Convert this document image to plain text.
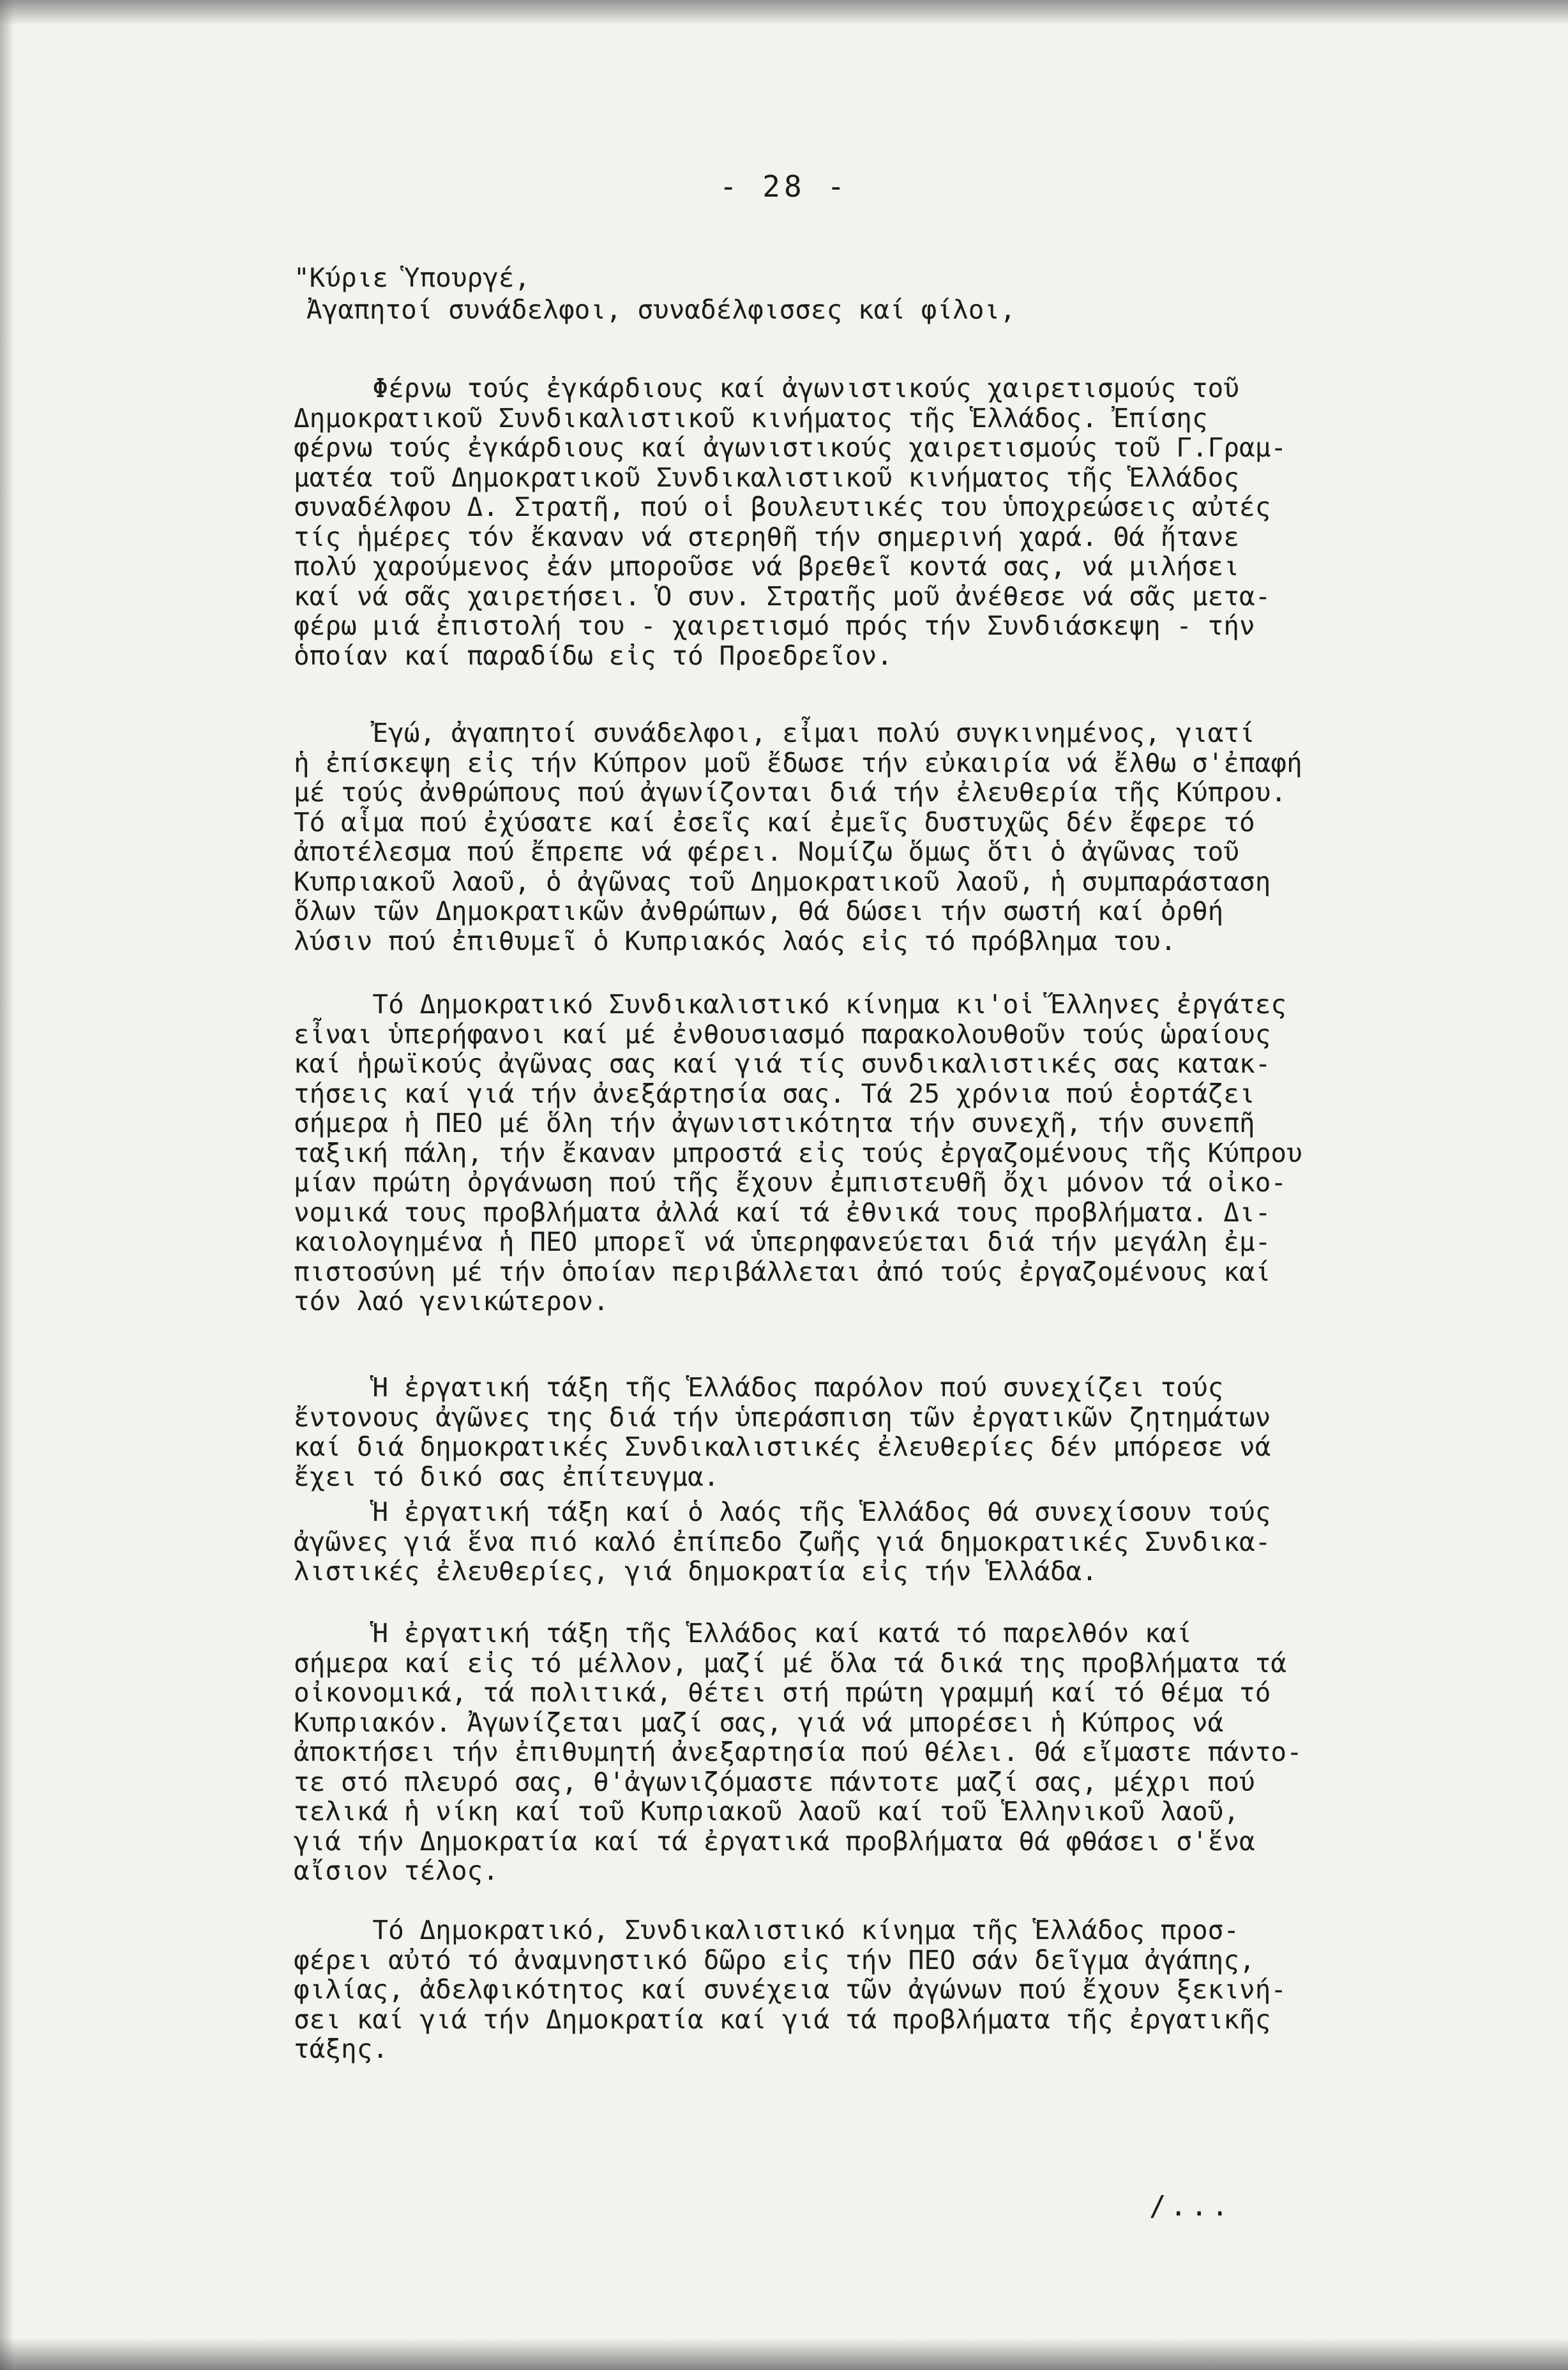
- 28 -
"Κύριε Ὑπουργέ,
Ἀγαπητοί συνάδελφοι, συναδέλφισσες καί φίλοι,
Φέρνω τούς ἐγκάρδιους καί ἀγωνιστικούς χαιρετισμούς τοῦ
Δημοκρατικοῦ Συνδικαλιστικοῦ κινήματος τῆς Ἑλλάδος. Ἐπίσης
φέρνω τούς ἐγκάρδιους καί ἀγωνιστικούς χαιρετισμούς τοῦ Γ.Γραμ-
ματέα τοῦ Δημοκρατικοῦ Συνδικαλιστικοῦ κινήματος τῆς Ἑλλάδος
συναδέλφου Δ. Στρατῆ, πού οἱ βουλευτικές του ὑποχρεώσεις αὐτές
τίς ἡμέρες τόν ἔκαναν νά στερηθῆ τήν σημερινή χαρά. Θά ἤτανε
πολύ χαρούμενος ἐάν μποροῦσε νά βρεθεῖ κοντά σας, νά μιλήσει
καί νά σᾶς χαιρετήσει. Ὁ συν. Στρατῆς μοῦ ἀνέθεσε νά σᾶς μετα-
φέρω μιά ἐπιστολή του - χαιρετισμό πρός τήν Συνδιάσκεψη - τήν
ὁποίαν καί παραδίδω εἰς τό Προεδρεῖον.
Ἐγώ, ἀγαπητοί συνάδελφοι, εἶμαι πολύ συγκινημένος, γιατί
ἡ ἐπίσκεψη εἰς τήν Κύπρον μοῦ ἔδωσε τήν εὐκαιρία νά ἔλθω σ'ἐπαφή
μέ τούς ἀνθρώπους πού ἀγωνίζονται διά τήν ἐλευθερία τῆς Κύπρου.
Τό αἷμα πού ἐχύσατε καί ἐσεῖς καί ἐμεῖς δυστυχῶς δέν ἔφερε τό
ἀποτέλεσμα πού ἔπρεπε νά φέρει. Νομίζω ὅμως ὅτι ὁ ἀγῶνας τοῦ
Κυπριακοῦ λαοῦ, ὁ ἀγῶνας τοῦ Δημοκρατικοῦ λαοῦ, ἡ συμπαράσταση
ὅλων τῶν Δημοκρατικῶν ἀνθρώπων, θά δώσει τήν σωστή καί ὀρθή
λύσιν πού ἐπιθυμεῖ ὁ Κυπριακός λαός εἰς τό πρόβλημα του.
Τό Δημοκρατικό Συνδικαλιστικό κίνημα κι'οἱ Ἕλληνες ἐργάτες
εἶναι ὑπερήφανοι καί μέ ἐνθουσιασμό παρακολουθοῦν τούς ὡραίους
καί ἡρωϊκούς ἀγῶνας σας καί γιά τίς συνδικαλιστικές σας κατακ-
τήσεις καί γιά τήν ἀνεξάρτησία σας. Τά 25 χρόνια πού ἑορτάζει
σήμερα ἡ ΠΕΟ μέ ὅλη τήν ἀγωνιστικότητα τήν συνεχῆ, τήν συνεπῆ
ταξική πάλη, τήν ἔκαναν μπροστά εἰς τούς ἐργαζομένους τῆς Κύπρου
μίαν πρώτη ὀργάνωση πού τῆς ἔχουν ἐμπιστευθῆ ὄχι μόνον τά οἰκο-
νομικά τους προβλήματα ἀλλά καί τά ἐθνικά τους προβλήματα. Δι-
καιολογημένα ἡ ΠΕΟ μπορεῖ νά ὑπερηφανεύεται διά τήν μεγάλη ἐμ-
πιστοσύνη μέ τήν ὁποίαν περιβάλλεται ἀπό τούς ἐργαζομένους καί
τόν λαό γενικώτερον.
Ἡ ἐργατική τάξη τῆς Ἑλλάδος παρόλον πού συνεχίζει τούς
ἔντονους ἀγῶνες της διά τήν ὑπεράσπιση τῶν ἐργατικῶν ζητημάτων
καί διά δημοκρατικές Συνδικαλιστικές ἐλευθερίες δέν μπόρεσε νά
ἔχει τό δικό σας ἐπίτευγμα.
Ἡ ἐργατική τάξη καί ὁ λαός τῆς Ἑλλάδος θά συνεχίσουν τούς
ἀγῶνες γιά ἕνα πιό καλό ἐπίπεδο ζωῆς γιά δημοκρατικές Συνδικα-
λιστικές ἐλευθερίες, γιά δημοκρατία εἰς τήν Ἑλλάδα.
Ἡ ἐργατική τάξη τῆς Ἑλλάδος καί κατά τό παρελθόν καί
σήμερα καί εἰς τό μέλλον, μαζί μέ ὅλα τά δικά της προβλήματα τά
οἰκονομικά, τά πολιτικά, θέτει στή πρώτη γραμμή καί τό θέμα τό
Κυπριακόν. Ἀγωνίζεται μαζί σας, γιά νά μπορέσει ἡ Κύπρος νά
ἀποκτήσει τήν ἐπιθυμητή ἀνεξαρτησία πού θέλει. Θά εἴμαστε πάντο-
τε στό πλευρό σας, θ'ἀγωνιζόμαστε πάντοτε μαζί σας, μέχρι πού
τελικά ἡ νίκη καί τοῦ Κυπριακοῦ λαοῦ καί τοῦ Ἑλληνικοῦ λαοῦ,
γιά τήν Δημοκρατία καί τά ἐργατικά προβλήματα θά φθάσει σ'ἕνα
αἴσιον τέλος.
Τό Δημοκρατικό, Συνδικαλιστικό κίνημα τῆς Ἑλλάδος προσ-
φέρει αὐτό τό ἀναμνηστικό δῶρο εἰς τήν ΠΕΟ σάν δεῖγμα ἀγάπης,
φιλίας, ἀδελφικότητος καί συνέχεια τῶν ἀγώνων πού ἔχουν ξεκινή-
σει καί γιά τήν Δημοκρατία καί γιά τά προβλήματα τῆς ἐργατικῆς
τάξης.
/...
